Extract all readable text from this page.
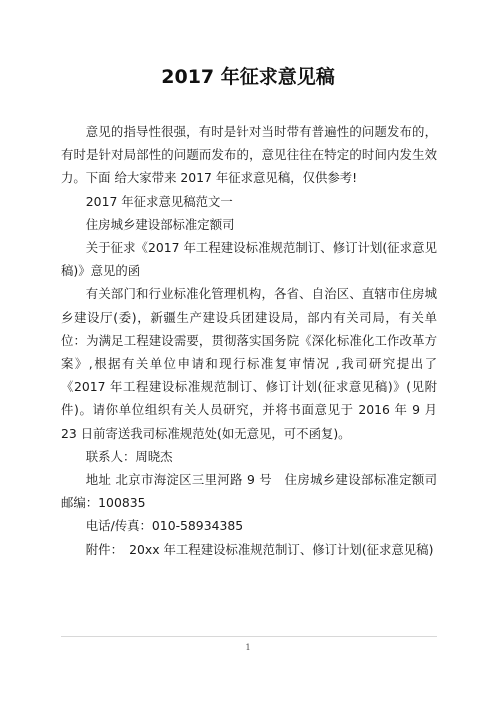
2017 年征求意见稿

意见的指导性很强，有时是针对当时带有普遍性的问题发布的，有时是针对局部性的问题而发布的，意见往往在特定的时间内发生效力。下面 给大家带来 2017 年征求意见稿，仅供参考!

2017 年征求意见稿范文一

住房城乡建设部标准定额司

关于征求《2017 年工程建设标准规范制订、修订计划(征求意见稿)》意见的函

有关部门和行业标准化管理机构，各省、自治区、直辖市住房城乡建设厅(委)，新疆生产建设兵团建设局，部内有关司局，有关单位：为满足工程建设需要，贯彻落实国务院《深化标准化工作改革方案》,根据有关单位申请和现行标准复审情况 ,我司研究提出了《2017 年工程建设标准规范制订、修订计划(征求意见稿)》(见附件)。请你单位组织有关人员研究，并将书面意见于 2016 年 9 月 23 日前寄送我司标准规范处(如无意见，可不函复)。

联系人：周晓杰

地址 北京市海淀区三里河路 9 号　住房城乡建设部标准定额司 邮编：100835

电话/传真：010-58934385

附件：　20xx 年工程建设标准规范制订、修订计划(征求意见稿)

1
